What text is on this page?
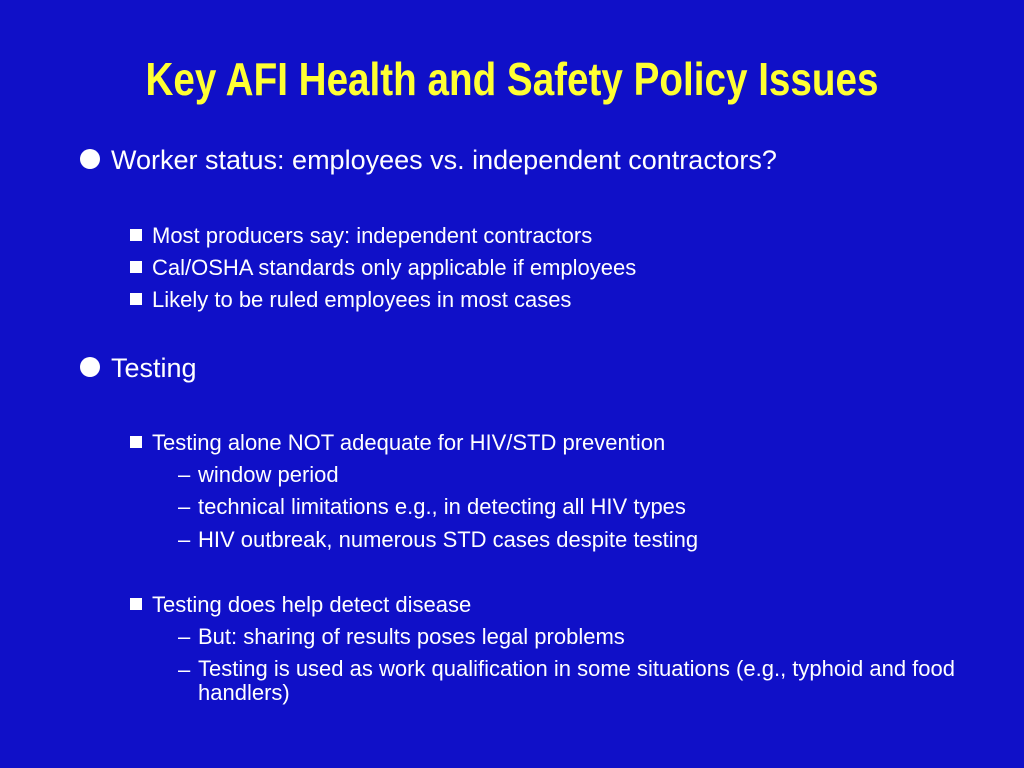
Key AFI Health and Safety Policy Issues
Worker status: employees vs. independent contractors?
Most producers say: independent contractors
Cal/OSHA standards only applicable if employees
Likely to be ruled employees in most cases
Testing
Testing alone NOT adequate for HIV/STD prevention
– window period
– technical limitations e.g., in detecting all HIV types
– HIV outbreak, numerous STD cases despite testing
Testing does help detect disease
– But: sharing of results poses legal problems
– Testing is used as work qualification in some situations (e.g., typhoid and food handlers)
